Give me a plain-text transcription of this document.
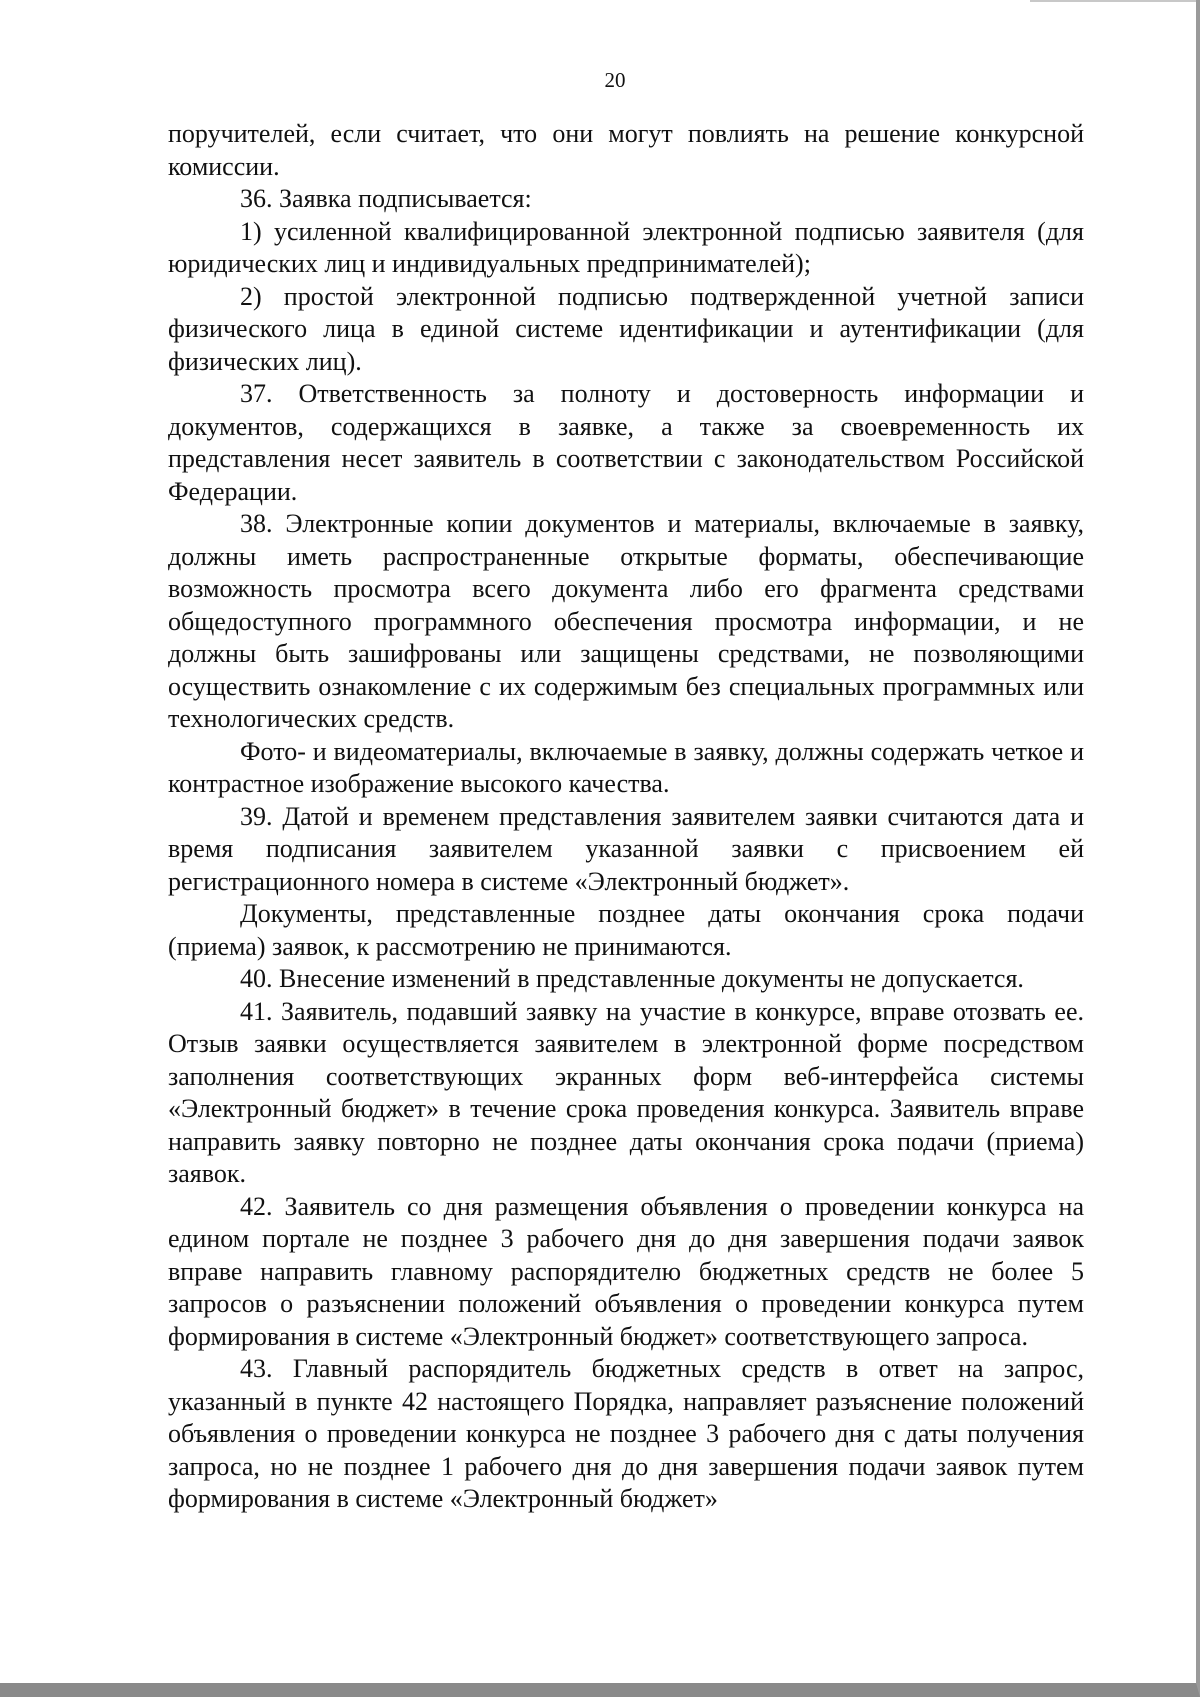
20

поручителей, если считает, что они могут повлиять на решение конкурсной комиссии.

36. Заявка подписывается:

1) усиленной квалифицированной электронной подписью заявителя (для юридических лиц и индивидуальных предпринимателей);

2) простой электронной подписью подтвержденной учетной записи физического лица в единой системе идентификации и аутентификации (для физических лиц).

37. Ответственность за полноту и достоверность информации и документов, содержащихся в заявке, а также за своевременность их представления несет заявитель в соответствии с законодательством Российской Федерации.

38. Электронные копии документов и материалы, включаемые в заявку, должны иметь распространенные открытые форматы, обеспечивающие возможность просмотра всего документа либо его фрагмента средствами общедоступного программного обеспечения просмотра информации, и не должны быть зашифрованы или защищены средствами, не позволяющими осуществить ознакомление с их содержимым без специальных программных или технологических средств.

Фото- и видеоматериалы, включаемые в заявку, должны содержать четкое и контрастное изображение высокого качества.

39. Датой и временем представления заявителем заявки считаются дата и время подписания заявителем указанной заявки с присвоением ей регистрационного номера в системе «Электронный бюджет».

Документы, представленные позднее даты окончания срока подачи (приема) заявок, к рассмотрению не принимаются.

40. Внесение изменений в представленные документы не допускается.

41. Заявитель, подавший заявку на участие в конкурсе, вправе отозвать ее. Отзыв заявки осуществляется заявителем в электронной форме посредством заполнения соответствующих экранных форм веб-интерфейса системы «Электронный бюджет» в течение срока проведения конкурса. Заявитель вправе направить заявку повторно не позднее даты окончания срока подачи (приема) заявок.

42. Заявитель со дня размещения объявления о проведении конкурса на едином портале не позднее 3 рабочего дня до дня завершения подачи заявок вправе направить главному распорядителю бюджетных средств не более 5 запросов о разъяснении положений объявления о проведении конкурса путем формирования в системе «Электронный бюджет» соответствующего запроса.

43. Главный распорядитель бюджетных средств в ответ на запрос, указанный в пункте 42 настоящего Порядка, направляет разъяснение положений объявления о проведении конкурса не позднее 3 рабочего дня с даты получения запроса, но не позднее 1 рабочего дня до дня завершения подачи заявок путем формирования в системе «Электронный бюджет»
